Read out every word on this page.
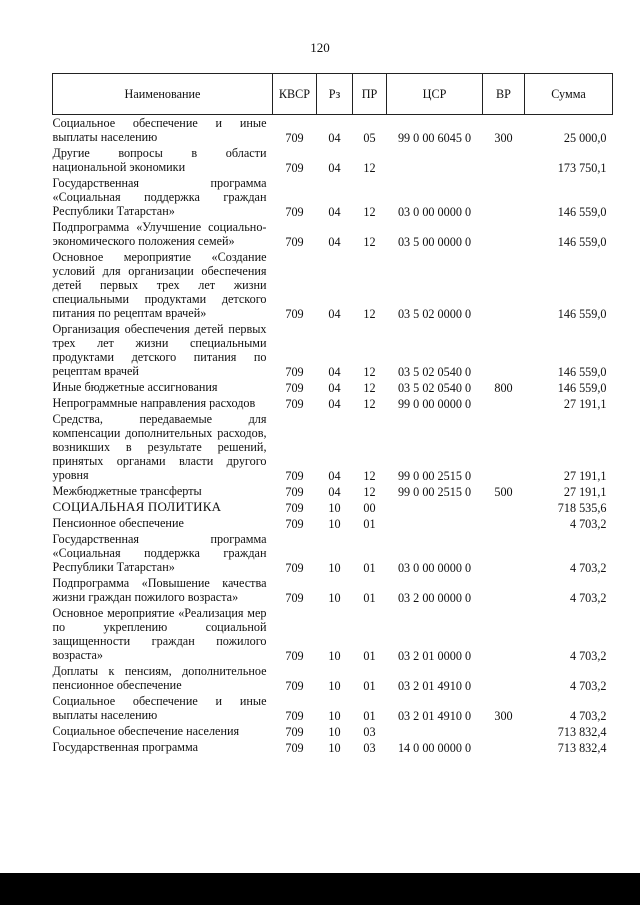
120
Наименование	КВСР	Рз	ПР	ЦСР	ВР	Сумма
Социальное обеспечение и иные выплаты населению	709	04	05	99 0 00 6045 0	300	25 000,0
Другие вопросы в области национальной экономики	709	04	12			173 750,1
Государственная программа «Социальная поддержка граждан Республики Татарстан»	709	04	12	03 0 00 0000 0		146 559,0
Подпрограмма «Улучшение социально-экономического положения семей»	709	04	12	03 5 00 0000 0		146 559,0
Основное мероприятие «Создание условий для организации обеспечения детей первых трех лет жизни специальными продуктами детского питания по рецептам врачей»	709	04	12	03 5 02 0000 0		146 559,0
Организация обеспечения детей первых трех лет жизни специальными продуктами детского питания по рецептам врачей	709	04	12	03 5 02 0540 0		146 559,0
Иные бюджетные ассигнования	709	04	12	03 5 02 0540 0	800	146 559,0
Непрограммные направления расходов	709	04	12	99 0 00 0000 0		27 191,1
Средства, передаваемые для компенсации дополнительных расходов, возникших в результате решений, принятых органами власти другого уровня	709	04	12	99 0 00 2515 0		27 191,1
Межбюджетные трансферты	709	04	12	99 0 00 2515 0	500	27 191,1
СОЦИАЛЬНАЯ ПОЛИТИКА	709	10	00			718 535,6
Пенсионное обеспечение	709	10	01			4 703,2
Государственная программа «Социальная поддержка граждан Республики Татарстан»	709	10	01	03 0 00 0000 0		4 703,2
Подпрограмма «Повышение качества жизни граждан пожилого возраста»	709	10	01	03 2 00 0000 0		4 703,2
Основное мероприятие «Реализация мер по укреплению социальной защищенности граждан пожилого возраста»	709	10	01	03 2 01 0000 0		4 703,2
Доплаты к пенсиям, дополнительное пенсионное обеспечение	709	10	01	03 2 01 4910 0		4 703,2
Социальное обеспечение и иные выплаты населению	709	10	01	03 2 01 4910 0	300	4 703,2
Социальное обеспечение населения	709	10	03			713 832,4
Государственная программа	709	10	03	14 0 00 0000 0		713 832,4
